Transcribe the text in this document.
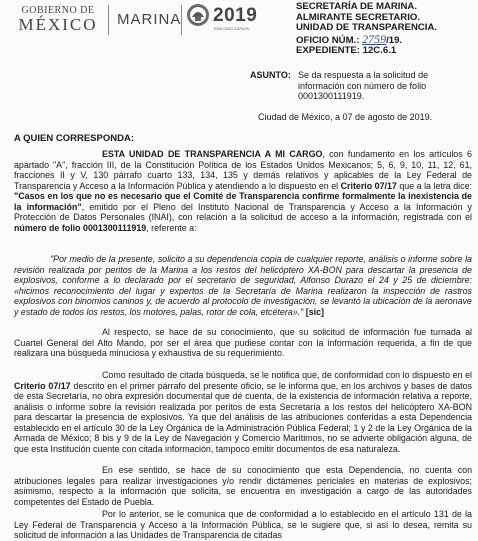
GOBIERNO DE
MÉXICO	MARINA 2019
EMILIANO ZAPATA
SECRETARÍA DE MARINA.
ALMIRANTE SECRETARIO.
UNIDAD DE TRANSPARENCIA.
OFICIO NÚM.: 2759/19.
EXPEDIENTE: 12C.6.1
ASUNTO: Se da respuesta a la solicitud de información con número de folio 0001300111919.
Ciudad de México, a 07 de agosto de 2019.
A QUIEN CORRESPONDA:

ESTA UNIDAD DE TRANSPARENCIA A MI CARGO, con fundamento en los artículos 6 apartado "A", fracción III, de la Constitución Política de los Estados Unidos Mexicanos; 5, 6, 9, 10, 11, 12, 61, fracciones II y V, 130 párrafo cuarto 133, 134, 135 y demás relativos y aplicables de la Ley Federal de Transparencia y Acceso a la Información Pública y atendiendo a lo dispuesto en el Criterio 07/17 que a la letra dice: "Casos en los que no es necesario que el Comité de Transparencia confirme formalmente la inexistencia de la información", emitido por el Pleno del Instituto Nacional de Transparencia y Acceso a la Información y Protección de Datos Personales (INAI), con relación a la solicitud de acceso a la información, registrada con el número de folio 0001300111919, referente a:

"Por medio de la presente, solicito a su dependencia copia de cualquier reporte, análisis o informe sobre la revisión realizada por peritos de la Marina a los restos del helicóptero XA-BON para descartar la presencia de explosivos, conforme a lo declarado por el secretario de seguridad, Alfonso Durazo el 24 y 25 de diciembre: «hicimos reconocimiento del lugar y expertos de la Secretaría de Marina realizaron la inspección de rastros explosivos con binomios caninos y, de acuerdo al protocolo de investigación, se levantó la ubicación de la aeronave y estado de todos los restos, los motores, palas, rotor de cola, etcétera»." [sic]

Al respecto, se hace de su conocimiento, que su solicitud de información fue turnada al Cuartel General del Alto Mando, por ser el área que pudiese contar con la información requerida, a fin de que realizara una búsqueda minuciosa y exhaustiva de su requerimiento.

Como resultado de citada búsqueda, se le notifica que, de conformidad con lo dispuesto en el Criterio 07/17 descrito en el primer párrafo del presente oficio, se le informa que, en los archivos y bases de datos de esta Secretaría, no obra expresión documental que dé cuenta, de la existencia de información relativa a reporte, análisis o informe sobre la revisión realizada por peritos de esta Secretaría a los restos del helicóptero XA-BON para descartar la presencia de explosivos. Ya que del análisis de las atribuciones conferidas a esta Dependencia establecido en el artículo 30 de la Ley Orgánica de la Administración Pública Federal; 1 y 2 de la Ley Orgánica de la Armada de México; 8 bis y 9 de la Ley de Navegación y Comercio Marítimos, no se advierte obligación alguna, de que esta Institución cuente con citada información, tampoco emitir documentos de esa naturaleza.

En ese sentido, se hace de su conocimiento que esta Dependencia, no cuenta con atribuciones legales para realizar investigaciones y/o rendir dictámenes periciales en materias de explosivos; asimismo, respecto a la información que solicita, se encuentra en investigación a cargo de las autoridades competentes del Estado de Puebla.

Por lo anterior, se le comunica que de conformidad a lo establecido en el artículo 131 de la Ley Federal de Transparencia y Acceso a la Información Pública, se le sugiere que, si así lo desea, remita su solicitud de información a las Unidades de Transparencia de citadas
